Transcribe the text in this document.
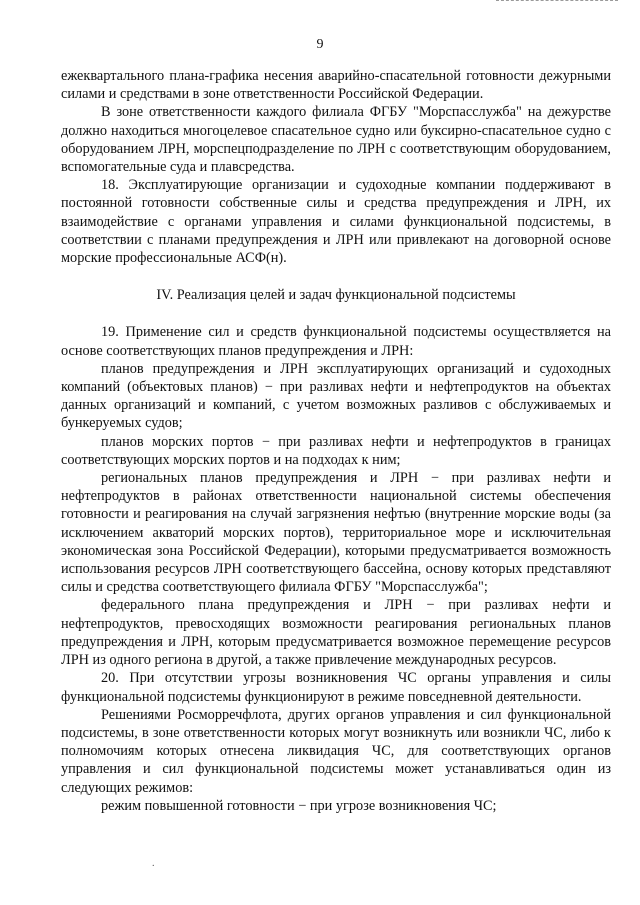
9

ежеквартального плана-графика несения аварийно-спасательной готовности дежурными силами и средствами в зоне ответственности Российской Федерации.

В зоне ответственности каждого филиала ФГБУ "Морспасслужба" на дежурстве должно находиться многоцелевое спасательное судно или буксирно-спасательное судно с оборудованием ЛРН, морспецподразделение по ЛРН с соответствующим оборудованием, вспомогательные суда и плавсредства.

18. Эксплуатирующие организации и судоходные компании поддерживают в постоянной готовности собственные силы и средства предупреждения и ЛРН, их взаимодействие с органами управления и силами функциональной подсистемы, в соответствии с планами предупреждения и ЛРН или привлекают на договорной основе морские профессиональные АСФ(н).

IV. Реализация целей и задач функциональной подсистемы

19. Применение сил и средств функциональной подсистемы осуществляется на основе соответствующих планов предупреждения и ЛРН:

планов предупреждения и ЛРН эксплуатирующих организаций и судоходных компаний (объектовых планов) − при разливах нефти и нефтепродуктов на объектах данных организаций и компаний, с учетом возможных разливов с обслуживаемых и бункеруемых судов;

планов морских портов − при разливах нефти и нефтепродуктов в границах соответствующих морских портов и на подходах к ним;

региональных планов предупреждения и ЛРН − при разливах нефти и нефтепродуктов в районах ответственности национальной системы обеспечения готовности и реагирования на случай загрязнения нефтью (внутренние морские воды (за исключением акваторий морских портов), территориальное море и исключительная экономическая зона Российской Федерации), которыми предусматривается возможность использования ресурсов ЛРН соответствующего бассейна, основу которых представляют силы и средства соответствующего филиала ФГБУ "Морспасслужба";

федерального плана предупреждения и ЛРН − при разливах нефти и нефтепродуктов, превосходящих возможности реагирования региональных планов предупреждения и ЛРН, которым предусматривается возможное перемещение ресурсов ЛРН из одного региона в другой, а также привлечение международных ресурсов.

20. При отсутствии угрозы возникновения ЧС органы управления и силы функциональной подсистемы функционируют в режиме повседневной деятельности.

Решениями Росморречфлота, других органов управления и сил функциональной подсистемы, в зоне ответственности которых могут возникнуть или возникли ЧС, либо к полномочиям которых отнесена ликвидация ЧС, для соответствующих органов управления и сил функциональной подсистемы может устанавливаться один из следующих режимов:

режим повышенной готовности − при угрозе возникновения ЧС;

.
